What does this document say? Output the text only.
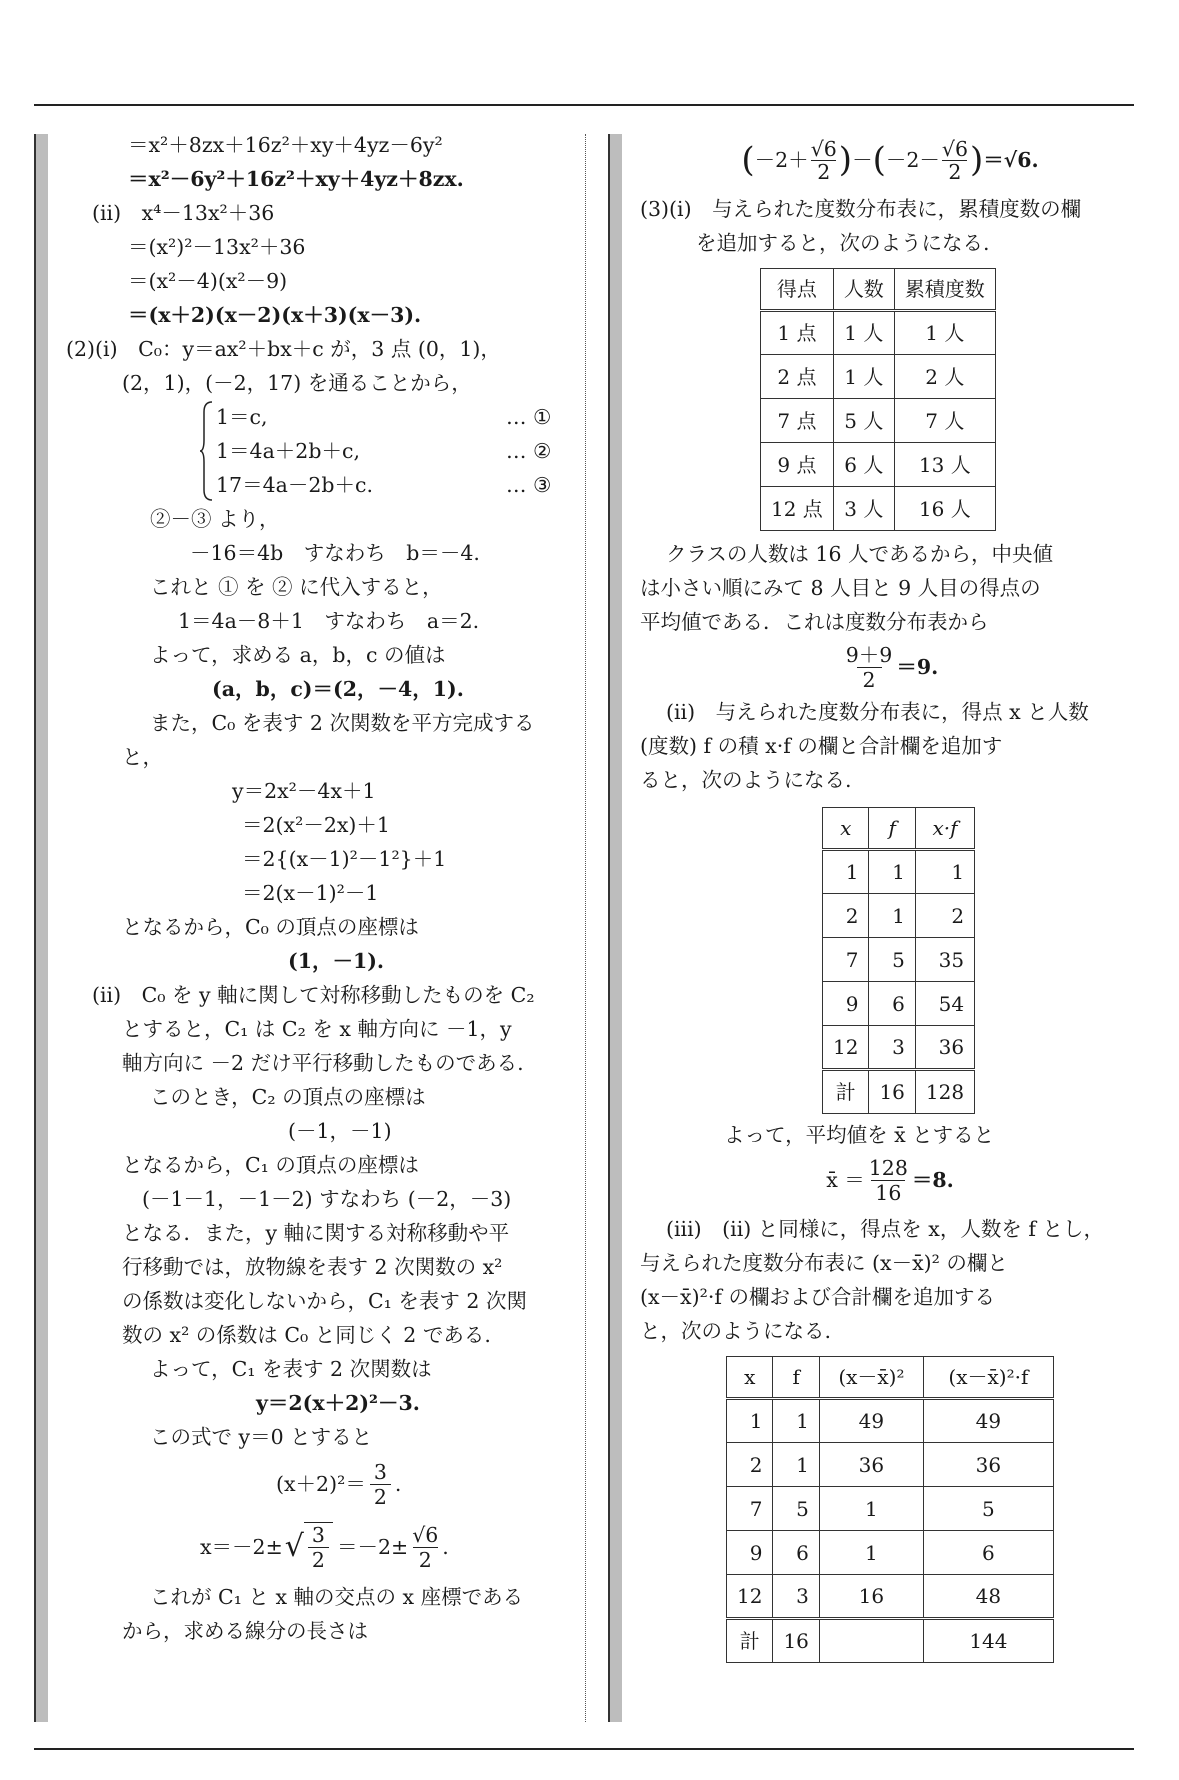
＝x²＋8zx＋16z²＋xy＋4yz－6y²
＝x²－6y²＋16z²＋xy＋4yz＋8zx.
(ii)　x⁴－13x²＋36
＝(x²)²－13x²＋36
＝(x²－4)(x²－9)
＝(x＋2)(x－2)(x＋3)(x－3).
(2)(i)　C₀：y＝ax²＋bx＋c が，3 点 (0，1)，
(2，1)，(－2，17) を通ることから，
1＝c,	… ①
1＝4a＋2b＋c,	… ②
17＝4a－2b＋c.	… ③
②－③ より，
－16＝4b　すなわち　b＝－4.
これと ① を ② に代入すると，
1＝4a－8＋1　すなわち　a＝2.
よって，求める a，b，c の値は
(a，b，c)＝(2，－4，1).
また，C₀ を表す 2 次関数を平方完成する
と，
y＝2x²－4x＋1
＝2(x²－2x)＋1
＝2{(x－1)²－1²}＋1
＝2(x－1)²－1
となるから，C₀ の頂点の座標は
(1，－1).
(ii)　C₀ を y 軸に関して対称移動したものを C₂
とすると，C₁ は C₂ を x 軸方向に －1，y
軸方向に －2 だけ平行移動したものである.
このとき，C₂ の頂点の座標は
(－1，－1)
となるから，C₁ の頂点の座標は
(－1－1，－1－2) すなわち (－2，－3)
となる．また，y 軸に関する対称移動や平
行移動では，放物線を表す 2 次関数の x²
の係数は変化しないから，C₁ を表す 2 次関
数の x² の係数は C₀ と同じく 2 である.
よって，C₁ を表す 2 次関数は
y＝2(x＋2)²－3.
この式で y＝0 とすると
$(x+2)^2= \frac{3}{2}$ .
x＝－2± √ $\frac{3}{2} =-2\pm \frac{√6}{2}$ .
これが C₁ と x 軸の交点の x 座標である
から，求める線分の長さは
( $-2+ \frac{√6}{2}$ ) － ( $-2- \frac{√6}{2}$ ) ＝√6.
(3)(i)　与えられた度数分布表に，累積度数の欄
を追加すると，次のようになる.
得点	人数	累積度数
1 点	1 人	1 人
2 点	1 人	2 人
7 点	5 人	7 人
9 点	6 人	13 人
12 点	3 人	16 人
クラスの人数は 16 人であるから，中央値
は小さい順にみて 8 人目と 9 人目の得点の
平均値である．これは度数分布表から
$\frac{9+9}{2} =9$.
(ii)　与えられた度数分布表に，得点 x と人数
(度数) f の積 x·f の欄と合計欄を追加す
ると，次のようになる.
x	f	x·f
1	1	1
2	1	2
7	5	35
9	6	54
12	3	36
計	16	128
よって，平均値を x̄ とすると
x̄ ＝ $\frac{128}{16} =8$.
(iii)　(ii) と同様に，得点を x，人数を f とし，
与えられた度数分布表に (x－x̄)² の欄と
(x－x̄)²·f の欄および合計欄を追加する
と，次のようになる.
x	f	(x－x̄)²	(x－x̄)²·f
1	1	49	49
2	1	36	36
7	5	1	5
9	6	1	6
12	3	16	48
計	16		144
